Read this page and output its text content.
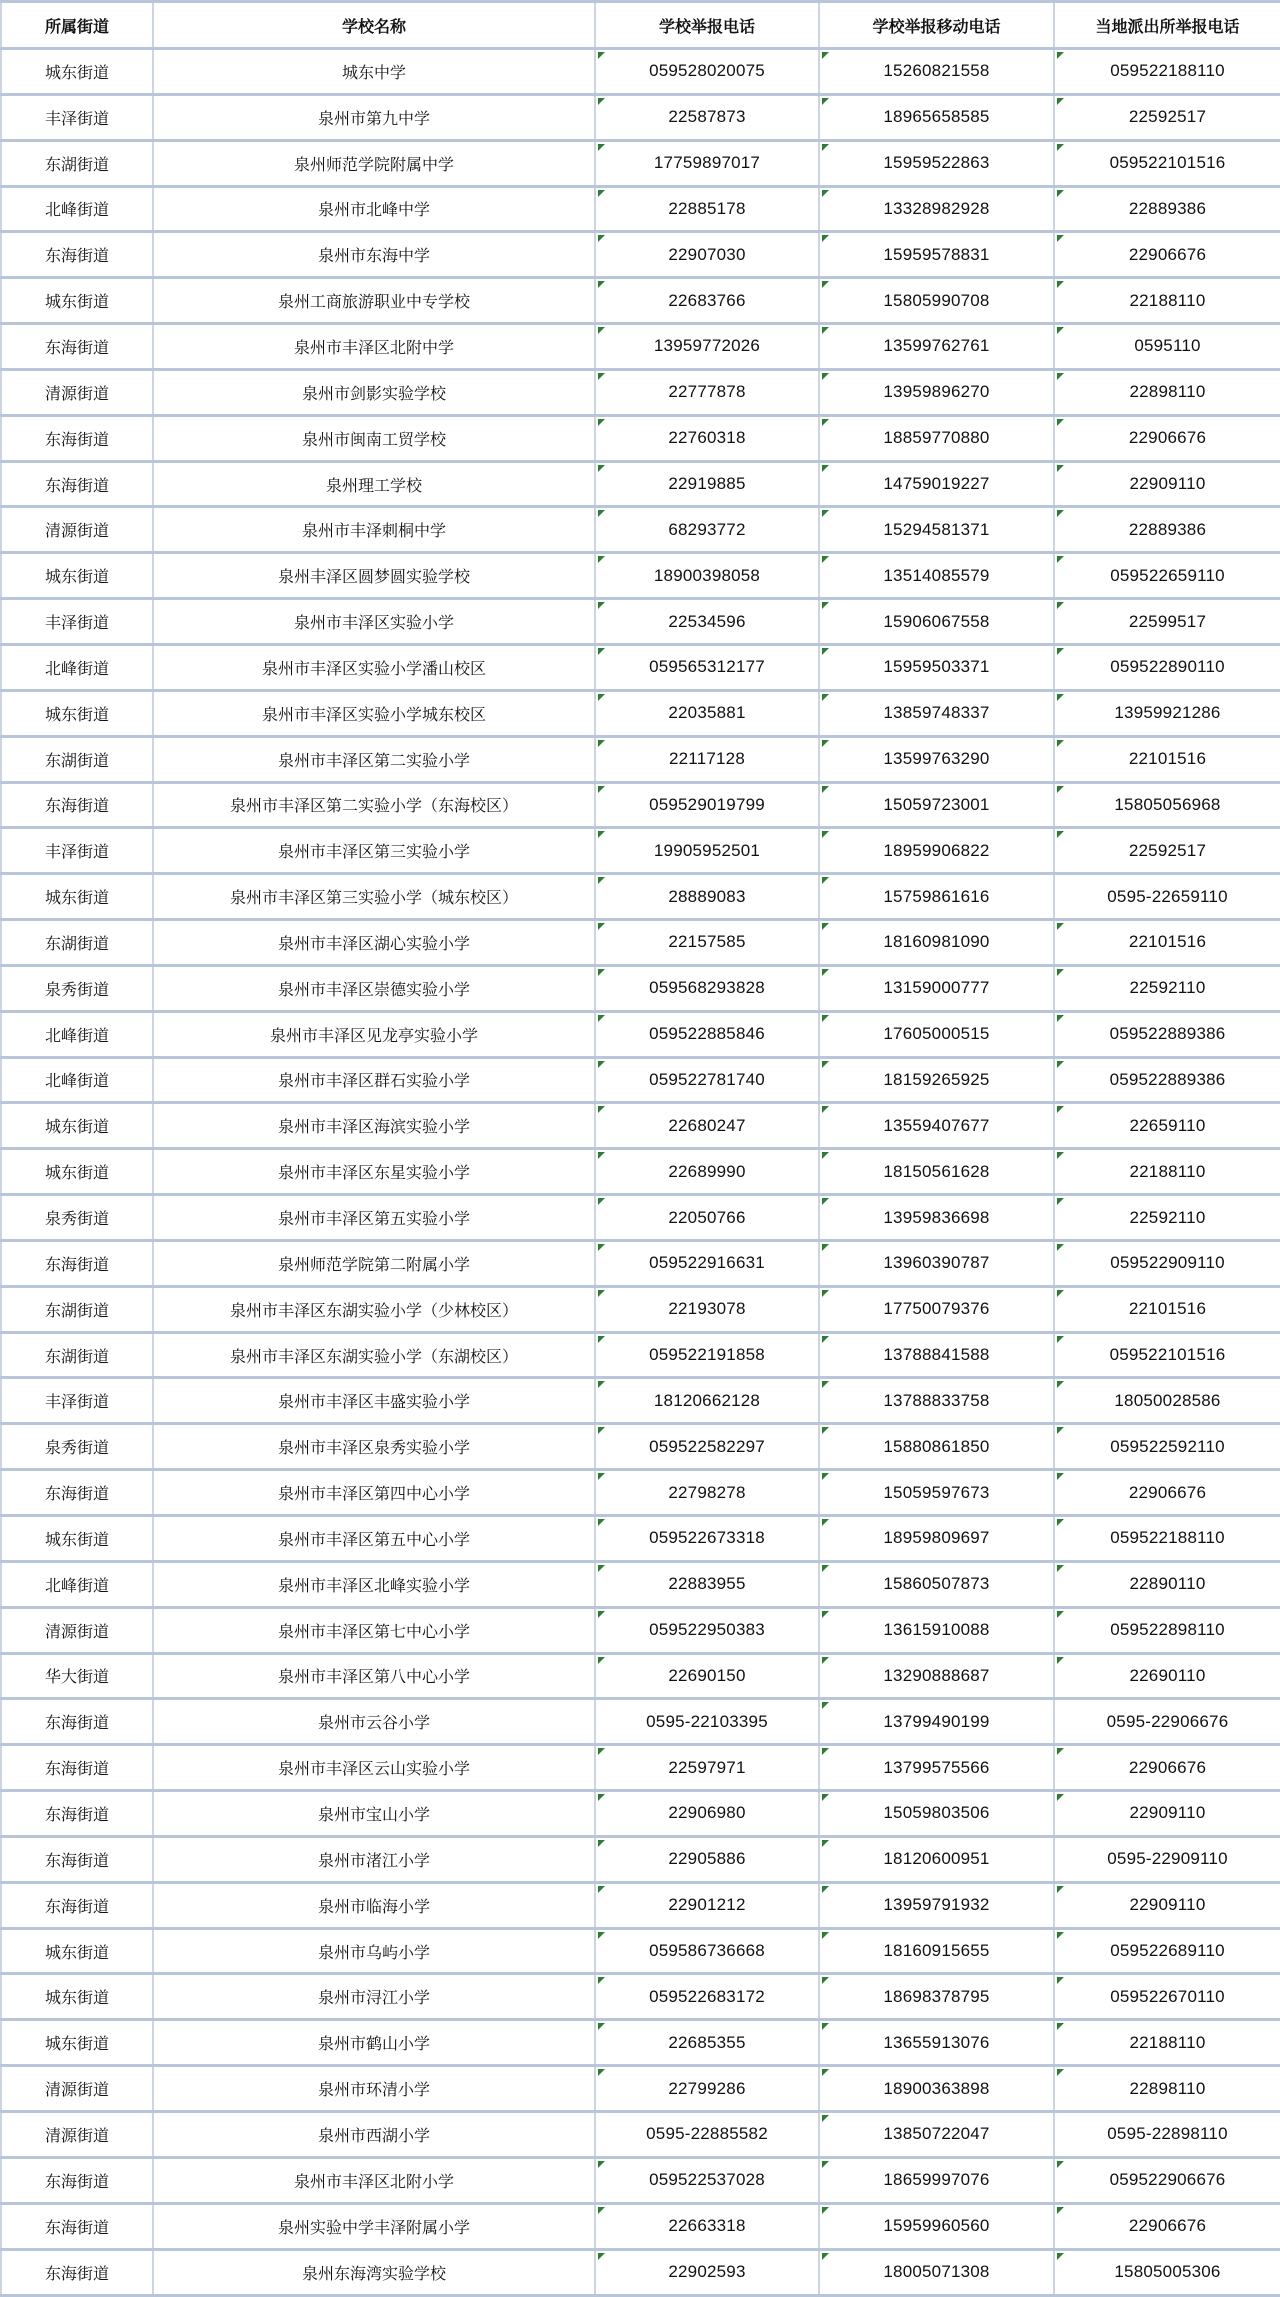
所属街道	学校名称	学校举报电话	学校举报移动电话	当地派出所举报电话
城东街道	城东中学	059528020075	15260821558	059522188110
丰泽街道	泉州市第九中学	22587873	18965658585	22592517
东湖街道	泉州师范学院附属中学	17759897017	15959522863	059522101516
北峰街道	泉州市北峰中学	22885178	13328982928	22889386
东海街道	泉州市东海中学	22907030	15959578831	22906676
城东街道	泉州工商旅游职业中专学校	22683766	15805990708	22188110
东海街道	泉州市丰泽区北附中学	13959772026	13599762761	0595110
清源街道	泉州市剑影实验学校	22777878	13959896270	22898110
东海街道	泉州市闽南工贸学校	22760318	18859770880	22906676
东海街道	泉州理工学校	22919885	14759019227	22909110
清源街道	泉州市丰泽刺桐中学	68293772	15294581371	22889386
城东街道	泉州丰泽区圆梦圆实验学校	18900398058	13514085579	059522659110
丰泽街道	泉州市丰泽区实验小学	22534596	15906067558	22599517
北峰街道	泉州市丰泽区实验小学潘山校区	059565312177	15959503371	059522890110
城东街道	泉州市丰泽区实验小学城东校区	22035881	13859748337	13959921286
东湖街道	泉州市丰泽区第二实验小学	22117128	13599763290	22101516
东海街道	泉州市丰泽区第二实验小学（东海校区）	059529019799	15059723001	15805056968
丰泽街道	泉州市丰泽区第三实验小学	19905952501	18959906822	22592517
城东街道	泉州市丰泽区第三实验小学（城东校区）	28889083	15759861616	0595-22659110
东湖街道	泉州市丰泽区湖心实验小学	22157585	18160981090	22101516
泉秀街道	泉州市丰泽区崇德实验小学	059568293828	13159000777	22592110
北峰街道	泉州市丰泽区见龙亭实验小学	059522885846	17605000515	059522889386
北峰街道	泉州市丰泽区群石实验小学	059522781740	18159265925	059522889386
城东街道	泉州市丰泽区海滨实验小学	22680247	13559407677	22659110
城东街道	泉州市丰泽区东星实验小学	22689990	18150561628	22188110
泉秀街道	泉州市丰泽区第五实验小学	22050766	13959836698	22592110
东海街道	泉州师范学院第二附属小学	059522916631	13960390787	059522909110
东湖街道	泉州市丰泽区东湖实验小学（少林校区）	22193078	17750079376	22101516
东湖街道	泉州市丰泽区东湖实验小学（东湖校区）	059522191858	13788841588	059522101516
丰泽街道	泉州市丰泽区丰盛实验小学	18120662128	13788833758	18050028586
泉秀街道	泉州市丰泽区泉秀实验小学	059522582297	15880861850	059522592110
东海街道	泉州市丰泽区第四中心小学	22798278	15059597673	22906676
城东街道	泉州市丰泽区第五中心小学	059522673318	18959809697	059522188110
北峰街道	泉州市丰泽区北峰实验小学	22883955	15860507873	22890110
清源街道	泉州市丰泽区第七中心小学	059522950383	13615910088	059522898110
华大街道	泉州市丰泽区第八中心小学	22690150	13290888687	22690110
东海街道	泉州市云谷小学	0595-22103395	13799490199	0595-22906676
东海街道	泉州市丰泽区云山实验小学	22597971	13799575566	22906676
东海街道	泉州市宝山小学	22906980	15059803506	22909110
东海街道	泉州市渚江小学	22905886	18120600951	0595-22909110
东海街道	泉州市临海小学	22901212	13959791932	22909110
城东街道	泉州市乌屿小学	059586736668	18160915655	059522689110
城东街道	泉州市浔江小学	059522683172	18698378795	059522670110
城东街道	泉州市鹤山小学	22685355	13655913076	22188110
清源街道	泉州市环清小学	22799286	18900363898	22898110
清源街道	泉州市西湖小学	0595-22885582	13850722047	0595-22898110
东海街道	泉州市丰泽区北附小学	059522537028	18659997076	059522906676
东海街道	泉州实验中学丰泽附属小学	22663318	15959960560	22906676
东海街道	泉州东海湾实验学校	22902593	18005071308	15805005306
